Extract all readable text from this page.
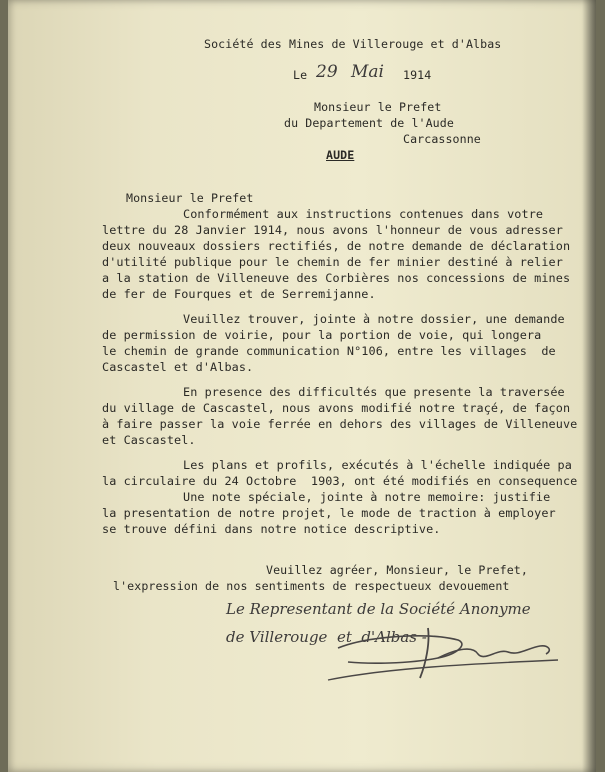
Société des Mines de Villerouge et d'Albas
Le 29 Mai 1914
Monsieur le Prefet
du Departement de l'Aude
Carcassonne
AUDE
Monsieur le Prefet
Conformément aux instructions contenues dans votre
lettre du 28 Janvier 1914, nous avons l'honneur de vous adresser
deux nouveaux dossiers rectifiés, de notre demande de déclaration
d'utilité publique pour le chemin de fer minier destiné à relier
a la station de Villeneuve des Corbières nos concessions de mines
de fer de Fourques et de Serremijanne.
Veuillez trouver, jointe à notre dossier, une demande
de permission de voirie, pour la portion de voie, qui longera
le chemin de grande communication N°106, entre les villages  de
Cascastel et d'Albas.
En presence des difficultés que presente la traversée
du village de Cascastel, nous avons modifié notre traçé, de façon
à faire passer la voie ferrée en dehors des villages de Villeneuve
et Cascastel.
Les plans et profils, exécutés à l'échelle indiquée pa
la circulaire du 24 Octobre  1903, ont été modifiés en consequence
Une note spéciale, jointe à notre memoire: justifie
la presentation de notre projet, le mode de traction à employer
se trouve défini dans notre notice descriptive.
Veuillez agréer, Monsieur, le Prefet,
l'expression de nos sentiments de respectueux devouement
Le Representant de la Société Anonyme
de Villerouge  et  d'Albas -
